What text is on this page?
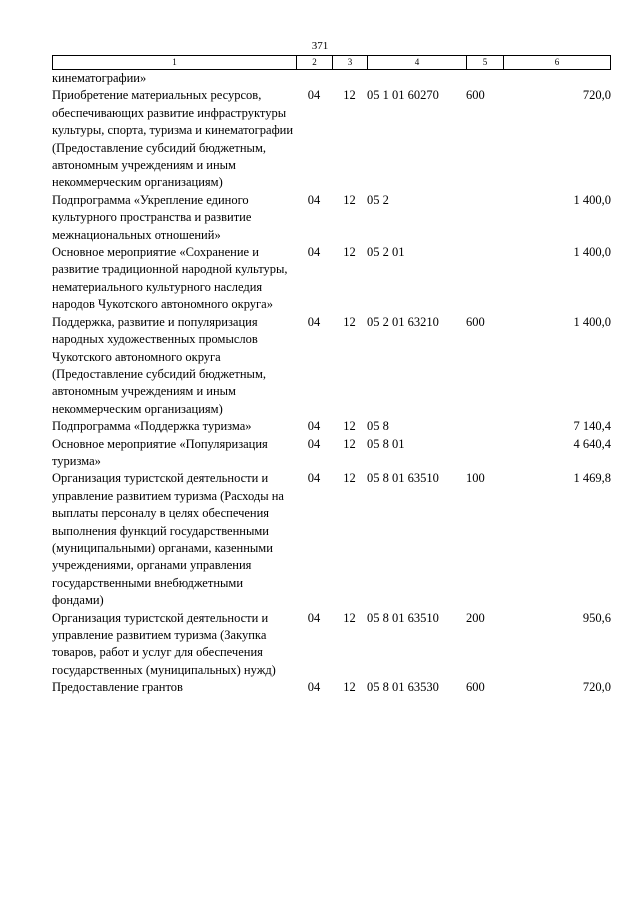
371
1	2	3	4	5	6
кинематографии»					
Приобретение материальных ресурсов, обеспечивающих развитие инфраструктуры культуры, спорта, туризма и кинематографии (Предоставление субсидий бюджетным, автономным учреждениям и иным некоммерческим организациям)	04	12	05 1 01 60270	600	720,0
Подпрограмма «Укрепление единого культурного пространства и развитие межнациональных отношений»	04	12	05 2		1 400,0
Основное мероприятие «Сохранение и развитие традиционной народной культуры, нематериального культурного наследия народов Чукотского автономного округа»	04	12	05 2 01		1 400,0
Поддержка, развитие и популяризация народных художественных промыслов Чукотского автономного округа (Предоставление субсидий бюджетным, автономным учреждениям и иным некоммерческим организациям)	04	12	05 2 01 63210	600	1 400,0
Подпрограмма «Поддержка туризма»	04	12	05 8		7 140,4
Основное мероприятие «Популяризация туризма»	04	12	05 8 01		4 640,4
Организация туристской деятельности и управление развитием туризма (Расходы на выплаты персоналу в целях обеспечения выполнения функций государственными (муниципальными) органами, казенными учреждениями, органами управления государственными внебюджетными фондами)	04	12	05 8 01 63510	100	1 469,8
Организация туристской деятельности и управление развитием туризма (Закупка товаров, работ и услуг для обеспечения государственных (муниципальных) нужд)	04	12	05 8 01 63510	200	950,6
Предоставление грантов	04	12	05 8 01 63530	600	720,0
